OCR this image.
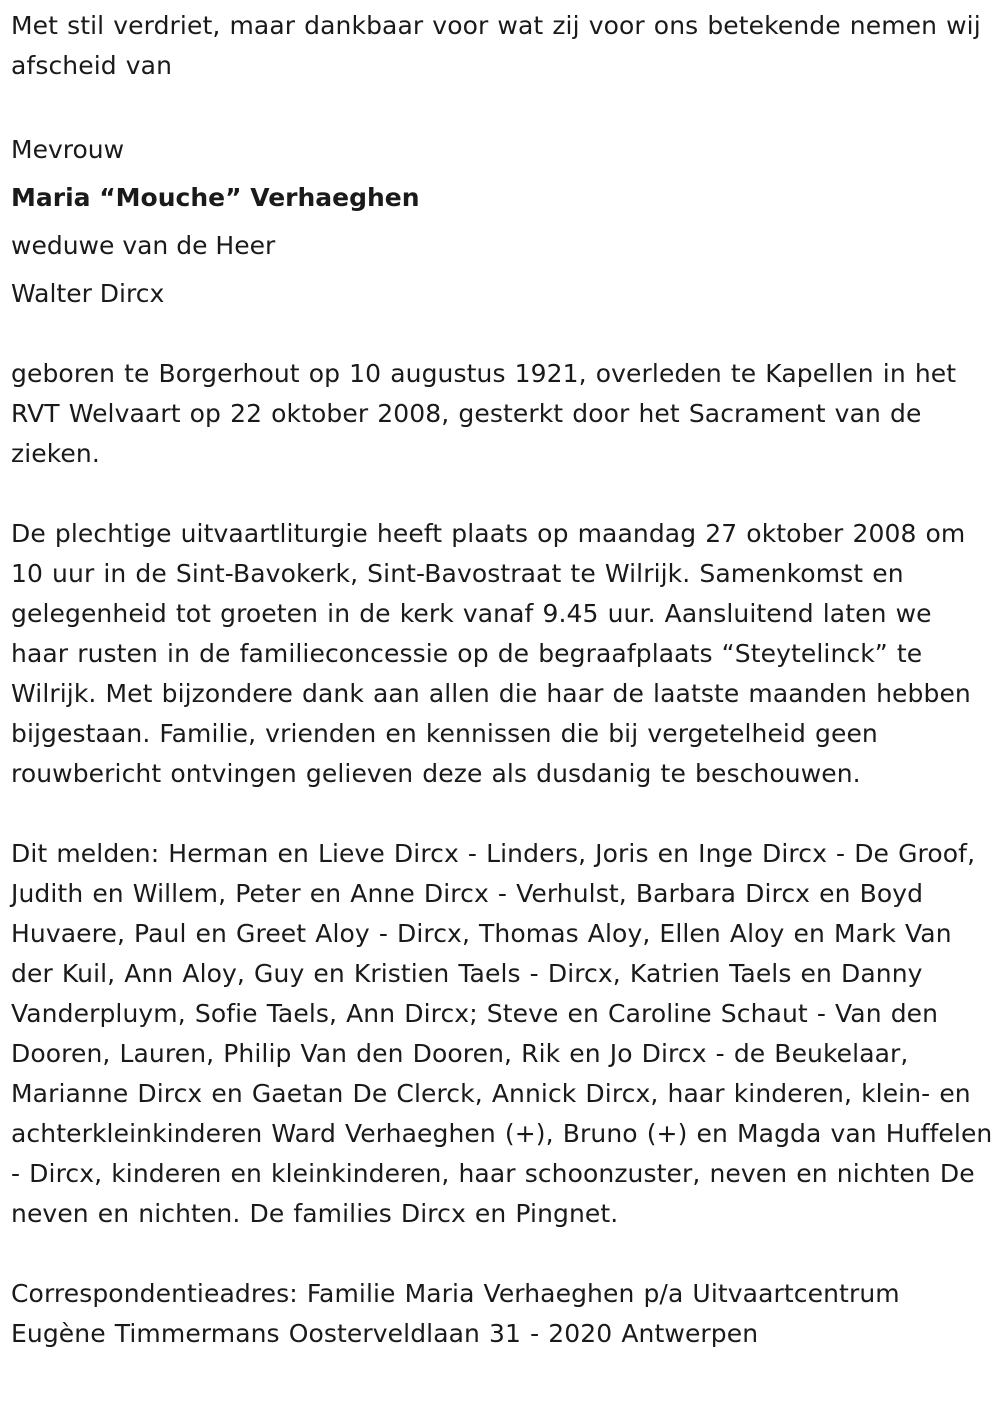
Met stil verdriet, maar dankbaar voor wat zij voor ons betekende nemen wij afscheid van

Mevrouw

Maria “Mouche” Verhaeghen

weduwe van de Heer

Walter Dircx

geboren te Borgerhout op 10 augustus 1921, overleden te Kapellen in het RVT Welvaart op 22 oktober 2008, gesterkt door het Sacrament van de zieken.

De plechtige uitvaartliturgie heeft plaats op maandag 27 oktober 2008 om 10 uur in de Sint-Bavokerk, Sint-Bavostraat te Wilrijk. Samenkomst en gelegenheid tot groeten in de kerk vanaf 9.45 uur. Aansluitend laten we haar rusten in de familieconcessie op de begraafplaats “Steytelinck” te Wilrijk. Met bijzondere dank aan allen die haar de laatste maanden hebben bijgestaan. Familie, vrienden en kennissen die bij vergetelheid geen rouwbericht ontvingen gelieven deze als dusdanig te beschouwen.

Dit melden: Herman en Lieve Dircx - Linders, Joris en Inge Dircx - De Groof, Judith en Willem, Peter en Anne Dircx - Verhulst, Barbara Dircx en Boyd Huvaere, Paul en Greet Aloy - Dircx, Thomas Aloy, Ellen Aloy en Mark Van der Kuil, Ann Aloy, Guy en Kristien Taels - Dircx, Katrien Taels en Danny Vanderpluym, Sofie Taels, Ann Dircx; Steve en Caroline Schaut - Van den Dooren, Lauren, Philip Van den Dooren, Rik en Jo Dircx - de Beukelaar, Marianne Dircx en Gaetan De Clerck, Annick Dircx, haar kinderen, klein- en achterkleinkinderen Ward Verhaeghen (+), Bruno (+) en Magda van Huffelen - Dircx, kinderen en kleinkinderen, haar schoonzuster, neven en nichten De neven en nichten. De families Dircx en Pingnet.

Correspondentieadres: Familie Maria Verhaeghen p/a Uitvaartcentrum Eugène Timmermans Oosterveldlaan 31 - 2020 Antwerpen
